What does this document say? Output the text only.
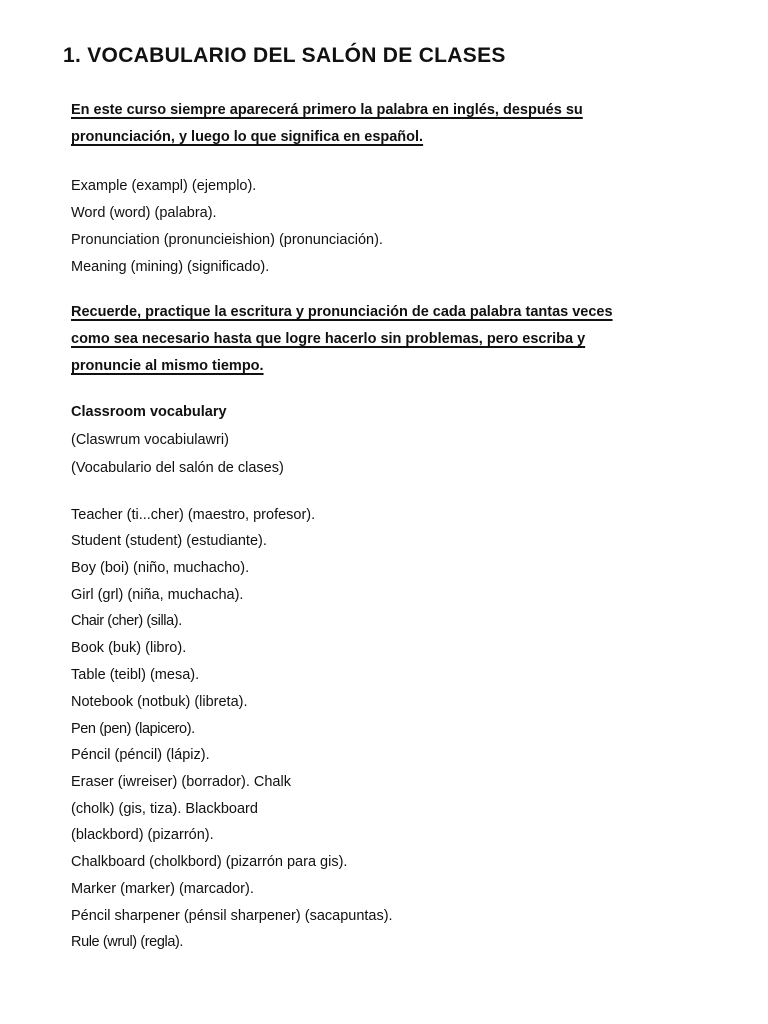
1. VOCABULARIO DEL SALÓN DE CLASES
En este curso siempre aparecerá primero la palabra en inglés, después su
pronunciación, y luego lo que significa en español.
Example (exampl) (ejemplo).
Word (word) (palabra).
Pronunciation (pronuncieishion) (pronunciación).
Meaning (mining) (significado).
Recuerde, practique la escritura y pronunciación de cada palabra tantas veces
como sea necesario hasta que logre hacerlo sin problemas, pero escriba y
pronuncie al mismo tiempo.
Classroom vocabulary
(Claswrum vocabiulawri)
(Vocabulario del salón de clases)
Teacher (ti...cher) (maestro, profesor).
Student (student) (estudiante).
Boy (boi) (niño, muchacho).
Girl (grl) (niña, muchacha).
Chair (cher) (silla).
Book (buk) (libro).
Table (teibl) (mesa).
Notebook (notbuk) (libreta).
Pen (pen) (lapicero).
Péncil (péncil) (lápiz).
Eraser (iwreiser) (borrador). Chalk
(cholk) (gis, tiza). Blackboard
(blackbord) (pizarrón).
Chalkboard (cholkbord) (pizarrón para gis).
Marker (marker) (marcador).
Péncil sharpener (pénsil sharpener) (sacapuntas).
Rule (wrul) (regla).
